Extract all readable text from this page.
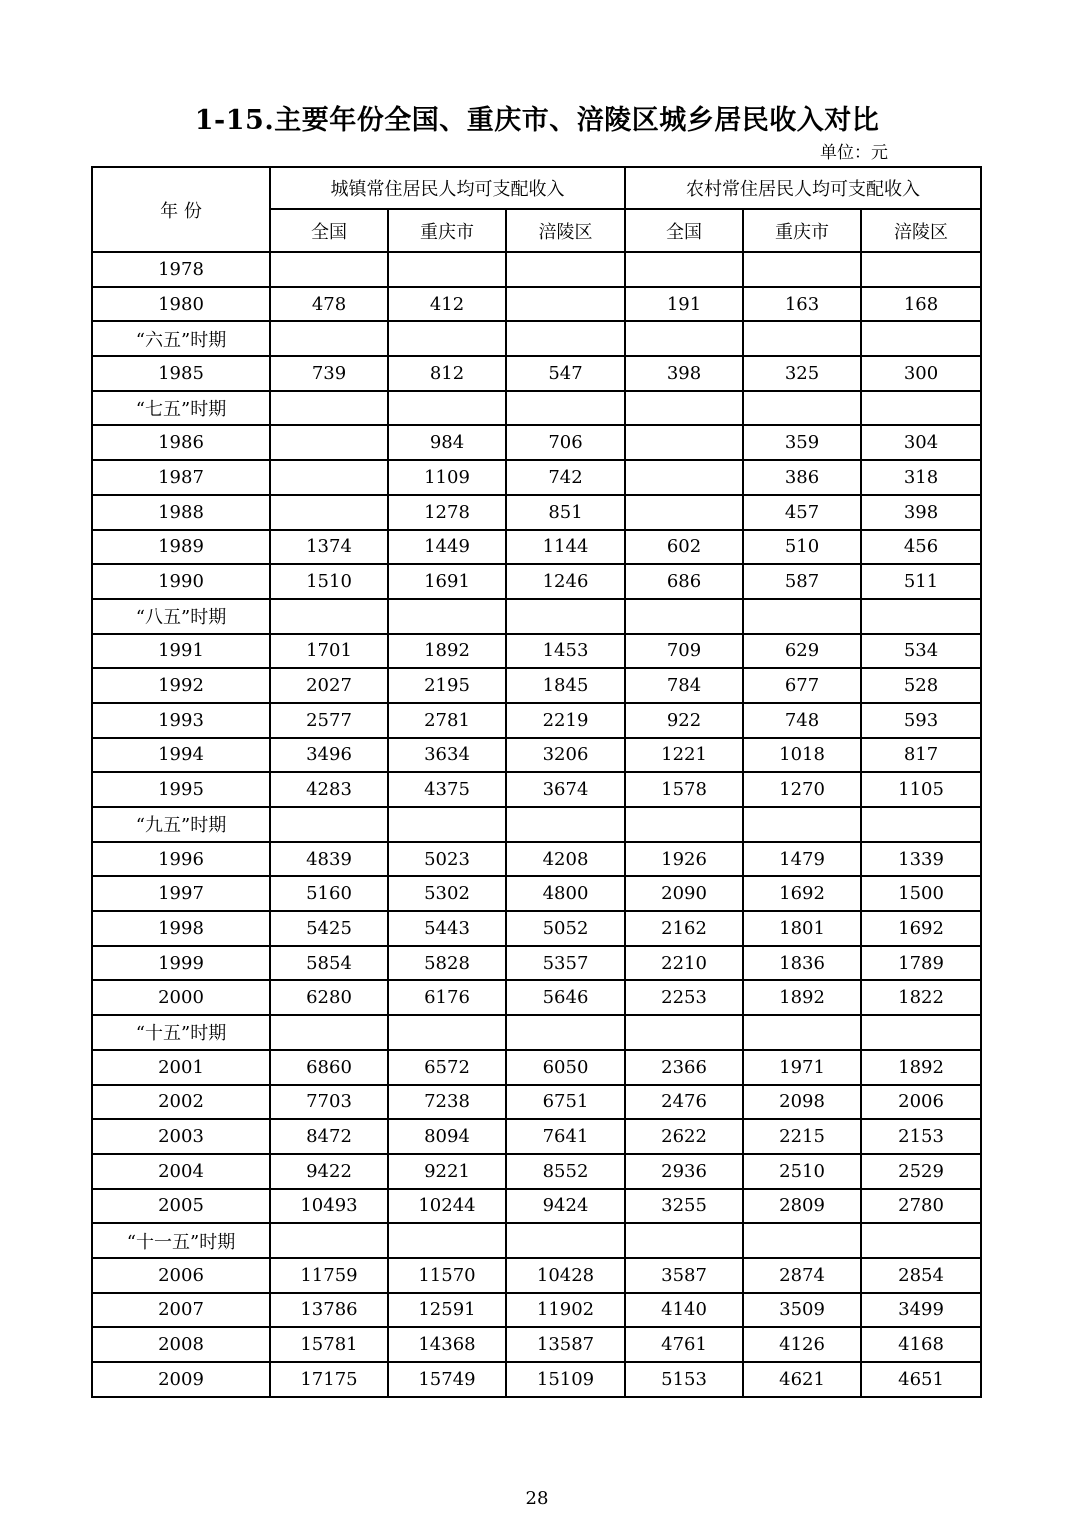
1-15.主要年份全国、重庆市、涪陵区城乡居民收入对比
单位：元
年 份	城镇常住居民人均可支配收入			农村常住居民人均可支配收入		
	全国	重庆市	涪陵区	全国	重庆市	涪陵区
1978						
1980	478	412		191	163	168
“六五”时期						
1985	739	812	547	398	325	300
“七五”时期						
1986		984	706		359	304
1987		1109	742		386	318
1988		1278	851		457	398
1989	1374	1449	1144	602	510	456
1990	1510	1691	1246	686	587	511
“八五”时期						
1991	1701	1892	1453	709	629	534
1992	2027	2195	1845	784	677	528
1993	2577	2781	2219	922	748	593
1994	3496	3634	3206	1221	1018	817
1995	4283	4375	3674	1578	1270	1105
“九五”时期						
1996	4839	5023	4208	1926	1479	1339
1997	5160	5302	4800	2090	1692	1500
1998	5425	5443	5052	2162	1801	1692
1999	5854	5828	5357	2210	1836	1789
2000	6280	6176	5646	2253	1892	1822
“十五”时期						
2001	6860	6572	6050	2366	1971	1892
2002	7703	7238	6751	2476	2098	2006
2003	8472	8094	7641	2622	2215	2153
2004	9422	9221	8552	2936	2510	2529
2005	10493	10244	9424	3255	2809	2780
“十一五”时期						
2006	11759	11570	10428	3587	2874	2854
2007	13786	12591	11902	4140	3509	3499
2008	15781	14368	13587	4761	4126	4168
2009	17175	15749	15109	5153	4621	4651
28
